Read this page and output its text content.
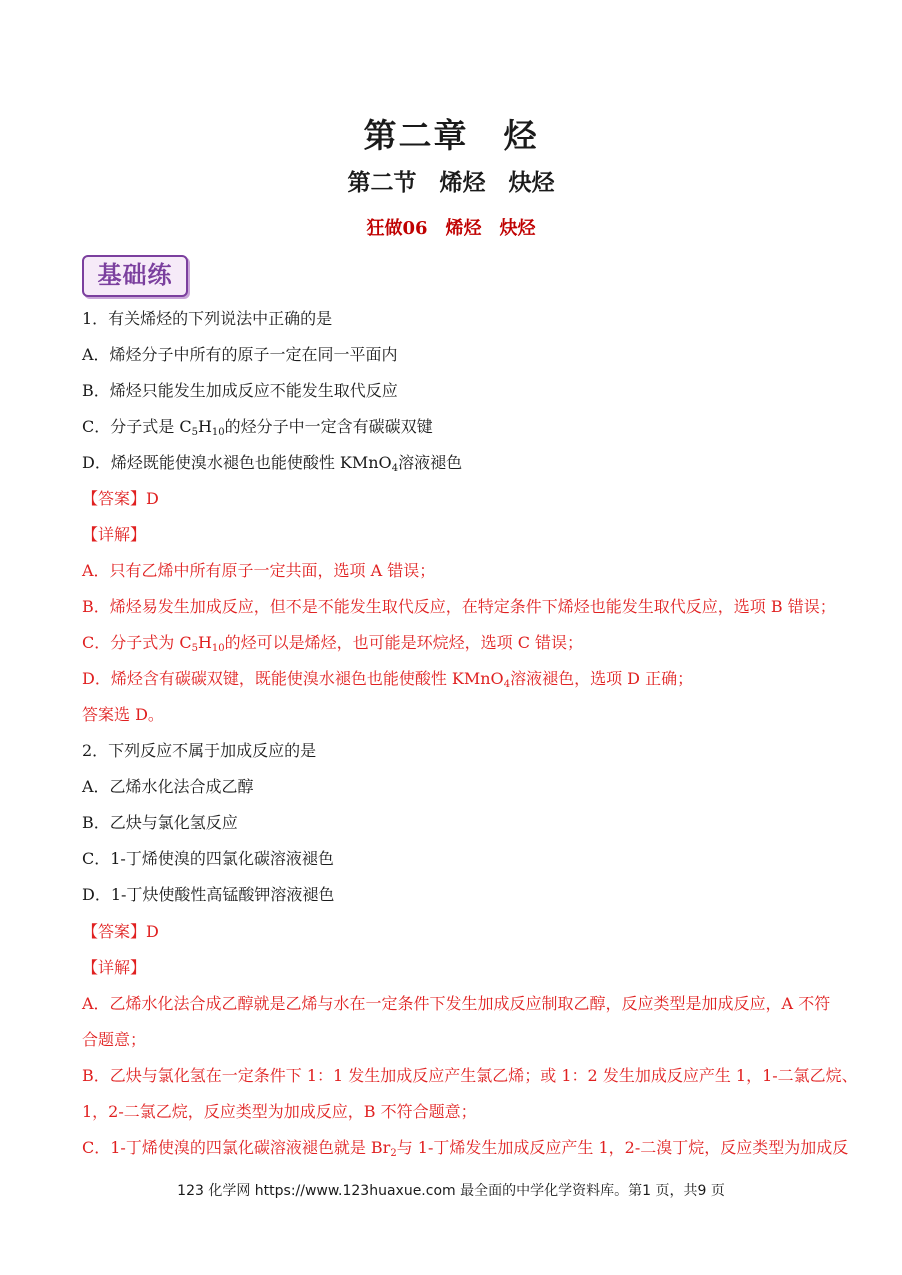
第二章　烃
第二节　烯烃　炔烃
狂做06　烯烃　炔烃
基础练
1．有关烯烃的下列说法中正确的是
A．烯烃分子中所有的原子一定在同一平面内
B．烯烃只能发生加成反应不能发生取代反应
C．分子式是 $C_5H_{10}$的烃分子中一定含有碳碳双键
D．烯烃既能使溴水褪色也能使酸性 KMnO$_4$溶液褪色
【答案】D
【详解】
A．只有乙烯中所有原子一定共面，选项 A 错误；
B．烯烃易发生加成反应，但不是不能发生取代反应，在特定条件下烯烃也能发生取代反应，选项 B 错误；
C．分子式为 $C_5H_{10}$的烃可以是烯烃，也可能是环烷烃，选项 C 错误；
D．烯烃含有碳碳双键，既能使溴水褪色也能使酸性 KMnO$_4$溶液褪色，选项 D 正确；
答案选 D。
2．下列反应不属于加成反应的是
A．乙烯水化法合成乙醇
B．乙炔与氯化氢反应
C．1-丁烯使溴的四氯化碳溶液褪色
D．1-丁炔使酸性高锰酸钾溶液褪色
【答案】D
【详解】
A．乙烯水化法合成乙醇就是乙烯与水在一定条件下发生加成反应制取乙醇，反应类型是加成反应，A 不符
合题意；
B．乙炔与氯化氢在一定条件下 1：1 发生加成反应产生氯乙烯；或 1：2 发生加成反应产生 1，1-二氯乙烷、
1，2-二氯乙烷，反应类型为加成反应，B 不符合题意；
C．1-丁烯使溴的四氯化碳溶液褪色就是 $Br_2$与 1-丁烯发生加成反应产生 1，2-二溴丁烷，反应类型为加成反
123 化学网 https://www.123huaxue.com 最全面的中学化学资料库。第1 页，共9 页
